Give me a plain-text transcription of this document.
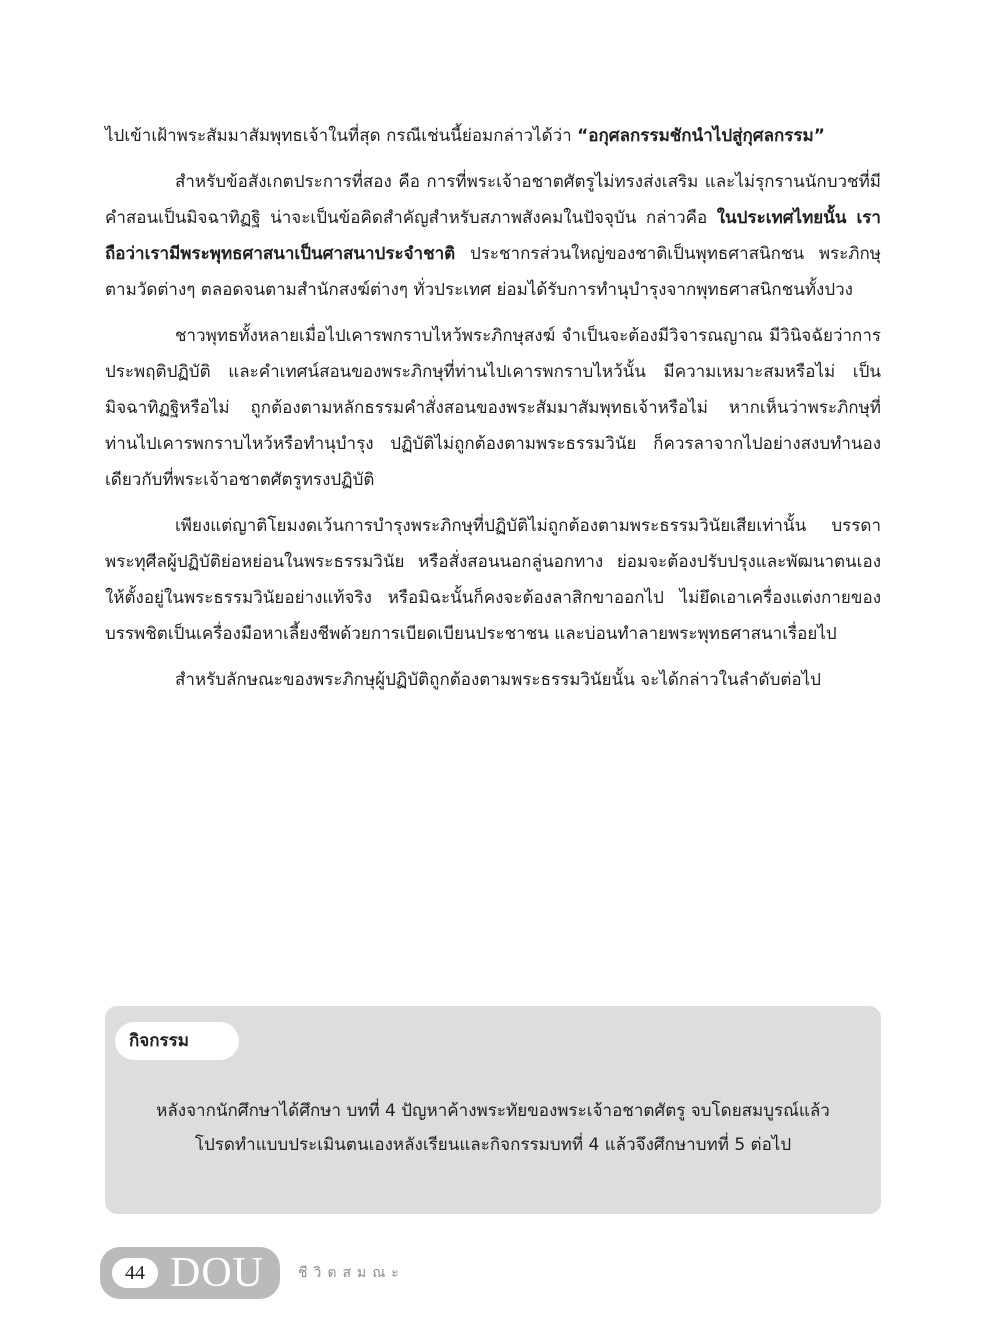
ไปเข้าเฝ้าพระสัมมาสัมพุทธเจ้าในที่สุด กรณีเช่นนี้ย่อมกล่าวได้ว่า “อกุศลกรรมชักนำไปสู่กุศลกรรม”

สำหรับข้อสังเกตประการที่สอง คือ การที่พระเจ้าอชาตศัตรูไม่ทรงส่งเสริม และไม่รุกรานนักบวชที่มีคำสอนเป็นมิจฉาทิฏฐิ น่าจะเป็นข้อคิดสำคัญสำหรับสภาพสังคมในปัจจุบัน กล่าวคือ ในประเทศไทยนั้น เราถือว่าเรามีพระพุทธศาสนาเป็นศาสนาประจำชาติ ประชากรส่วนใหญ่ของชาติเป็นพุทธศาสนิกชน พระภิกษุตามวัดต่างๆ ตลอดจนตามสำนักสงฆ์ต่างๆ ทั่วประเทศ ย่อมได้รับการทำนุบำรุงจากพุทธศาสนิกชนทั้งปวง

ชาวพุทธทั้งหลายเมื่อไปเคารพกราบไหว้พระภิกษุสงฆ์ จำเป็นจะต้องมีวิจารณญาณ มีวินิจฉัยว่าการประพฤติปฏิบัติ และคำเทศน์สอนของพระภิกษุที่ท่านไปเคารพกราบไหว้นั้น มีความเหมาะสมหรือไม่ เป็นมิจฉาทิฏฐิหรือไม่ ถูกต้องตามหลักธรรมคำสั่งสอนของพระสัมมาสัมพุทธเจ้าหรือไม่ หากเห็นว่าพระภิกษุที่ท่านไปเคารพกราบไหว้หรือทำนุบำรุง ปฏิบัติไม่ถูกต้องตามพระธรรมวินัย ก็ควรลาจากไปอย่างสงบทำนองเดียวกับที่พระเจ้าอชาตศัตรูทรงปฏิบัติ

เพียงแต่ญาติโยมงดเว้นการบำรุงพระภิกษุที่ปฏิบัติไม่ถูกต้องตามพระธรรมวินัยเสียเท่านั้น บรรดาพระทุศีลผู้ปฏิบัติย่อหย่อนในพระธรรมวินัย หรือสั่งสอนนอกลู่นอกทาง ย่อมจะต้องปรับปรุงและพัฒนาตนเองให้ตั้งอยู่ในพระธรรมวินัยอย่างแท้จริง หรือมิฉะนั้นก็คงจะต้องลาสิกขาออกไป ไม่ยึดเอาเครื่องแต่งกายของบรรพชิตเป็นเครื่องมือหาเลี้ยงชีพด้วยการเบียดเบียนประชาชน และบ่อนทำลายพระพุทธศาสนาเรื่อยไป

สำหรับลักษณะของพระภิกษุผู้ปฏิบัติถูกต้องตามพระธรรมวินัยนั้น จะได้กล่าวในลำดับต่อไป

กิจกรรม
หลังจากนักศึกษาได้ศึกษา บทที่ 4 ปัญหาค้างพระทัยของพระเจ้าอชาตศัตรู จบโดยสมบูรณ์แล้ว
โปรดทำแบบประเมินตนเองหลังเรียนและกิจกรรมบทที่ 4 แล้วจึงศึกษาบทที่ 5 ต่อไป
44 DOU ชีวิตสมณะ
